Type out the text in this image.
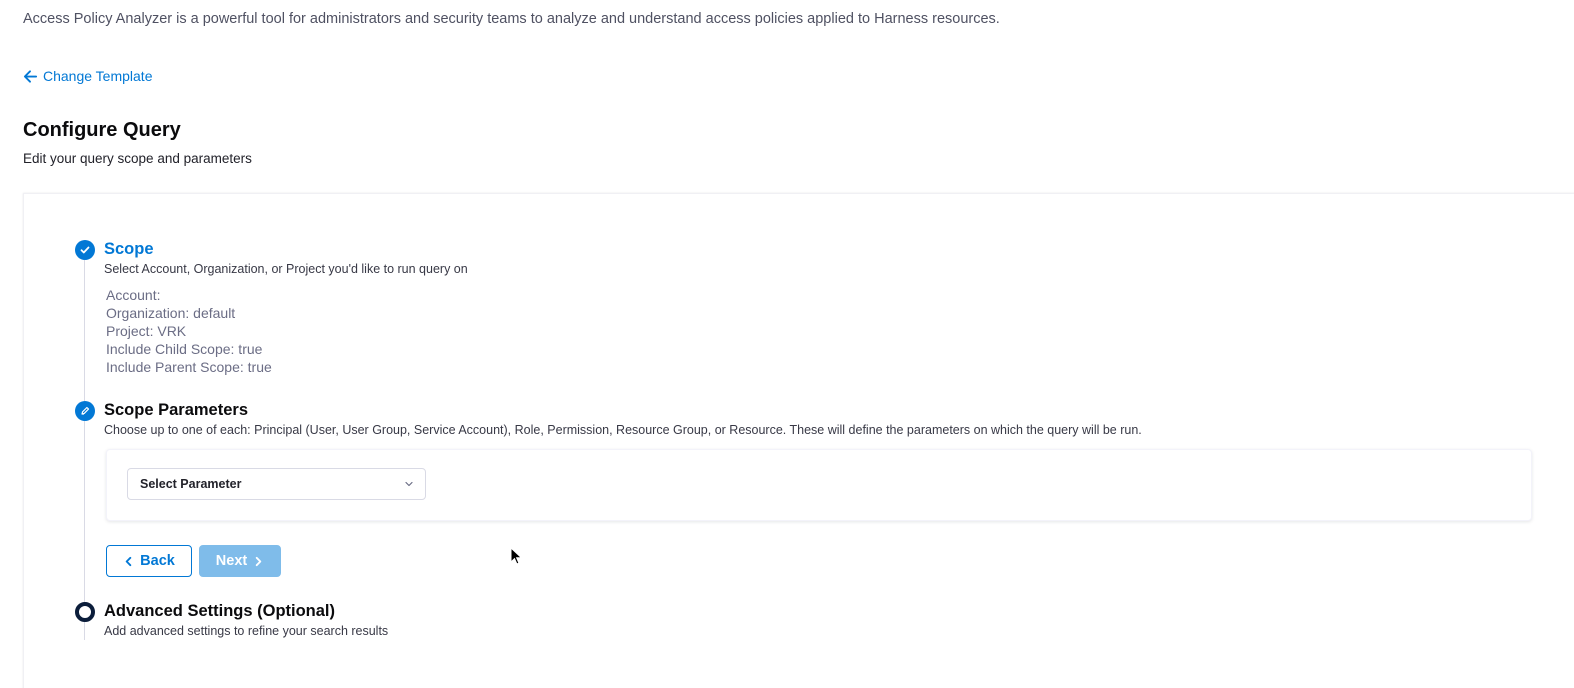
Access Policy Analyzer is a powerful tool for administrators and security teams to analyze and understand access policies applied to Harness resources.
Change Template
Configure Query
Edit your query scope and parameters
Scope
Select Account, Organization, or Project you'd like to run query on
Account:
Organization: default
Project: VRK
Include Child Scope: true
Include Parent Scope: true
Scope Parameters
Choose up to one of each: Principal (User, User Group, Service Account), Role, Permission, Resource Group, or Resource. These will define the parameters on which the query will be run.
Select Parameter
Back	Next
Advanced Settings (Optional)
Add advanced settings to refine your search results
